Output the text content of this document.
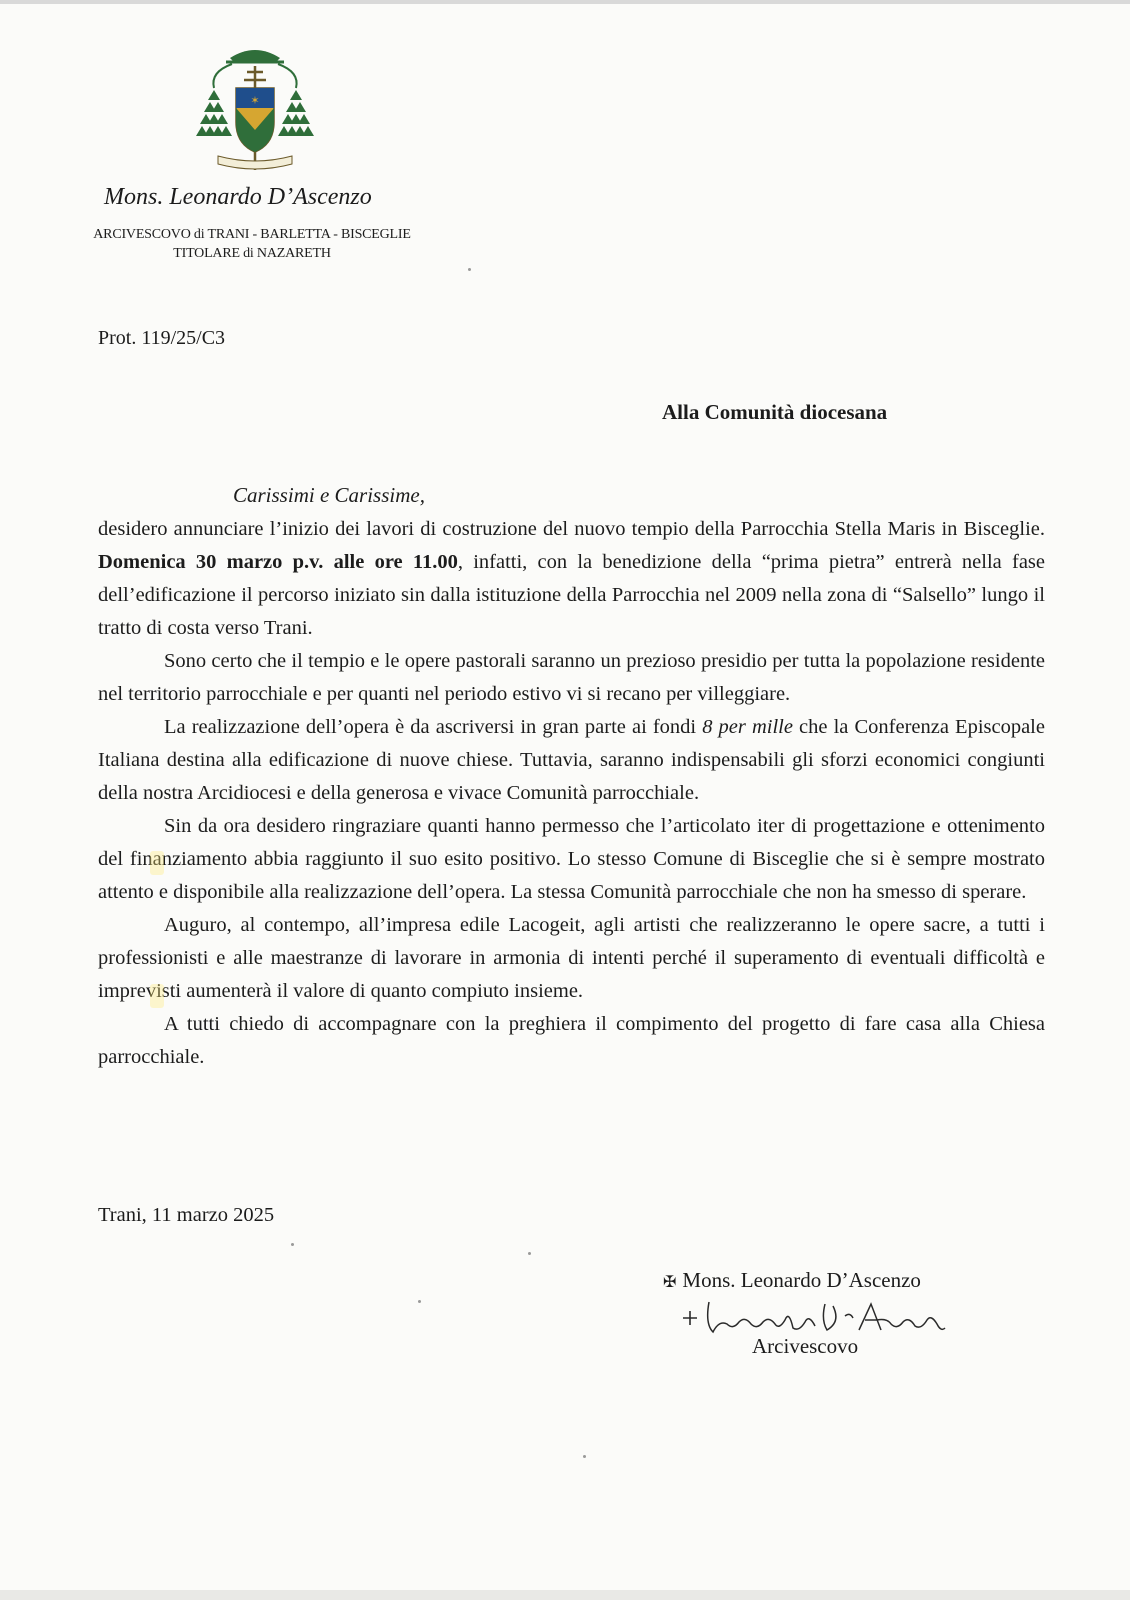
✶
Mons. Leonardo D’Ascenzo
ARCIVESCOVO di TRANI - BARLETTA - BISCEGLIE
TITOLARE di NAZARETH
Prot. 119/25/C3
Alla Comunità diocesana
Carissimi e Carissime,

desidero annunciare l’inizio dei lavori di costruzione del nuovo tempio della Parrocchia Stella Maris in Bisceglie. Domenica 30 marzo p.v. alle ore 11.00, infatti, con la benedizione della “prima pietra” entrerà nella fase dell’edificazione il percorso iniziato sin dalla istituzione della Parrocchia nel 2009 nella zona di “Salsello” lungo il tratto di costa verso Trani.

Sono certo che il tempio e le opere pastorali saranno un prezioso presidio per tutta la popolazione residente nel territorio parrocchiale e per quanti nel periodo estivo vi si recano per villeggiare.

La realizzazione dell’opera è da ascriversi in gran parte ai fondi 8 per mille che la Conferenza Episcopale Italiana destina alla edificazione di nuove chiese. Tuttavia, saranno indispensabili gli sforzi economici congiunti della nostra Arcidiocesi e della generosa e vivace Comunità parrocchiale.

Sin da ora desidero ringraziare quanti hanno permesso che l’articolato iter di progettazione e ottenimento del finanziamento abbia raggiunto il suo esito positivo. Lo stesso Comune di Bisceglie che si è sempre mostrato attento e disponibile alla realizzazione dell’opera. La stessa Comunità parrocchiale che non ha smesso di sperare.

Auguro, al contempo, all’impresa edile Lacogeit, agli artisti che realizzeranno le opere sacre, a tutti i professionisti e alle maestranze di lavorare in armonia di intenti perché il superamento di eventuali difficoltà e imprevisti aumenterà il valore di quanto compiuto insieme.

A tutti chiedo di accompagnare con la preghiera il compimento del progetto di fare casa alla Chiesa parrocchiale.

Trani, 11 marzo 2025
✠ Mons. Leonardo D’Ascenzo
Arcivescovo
